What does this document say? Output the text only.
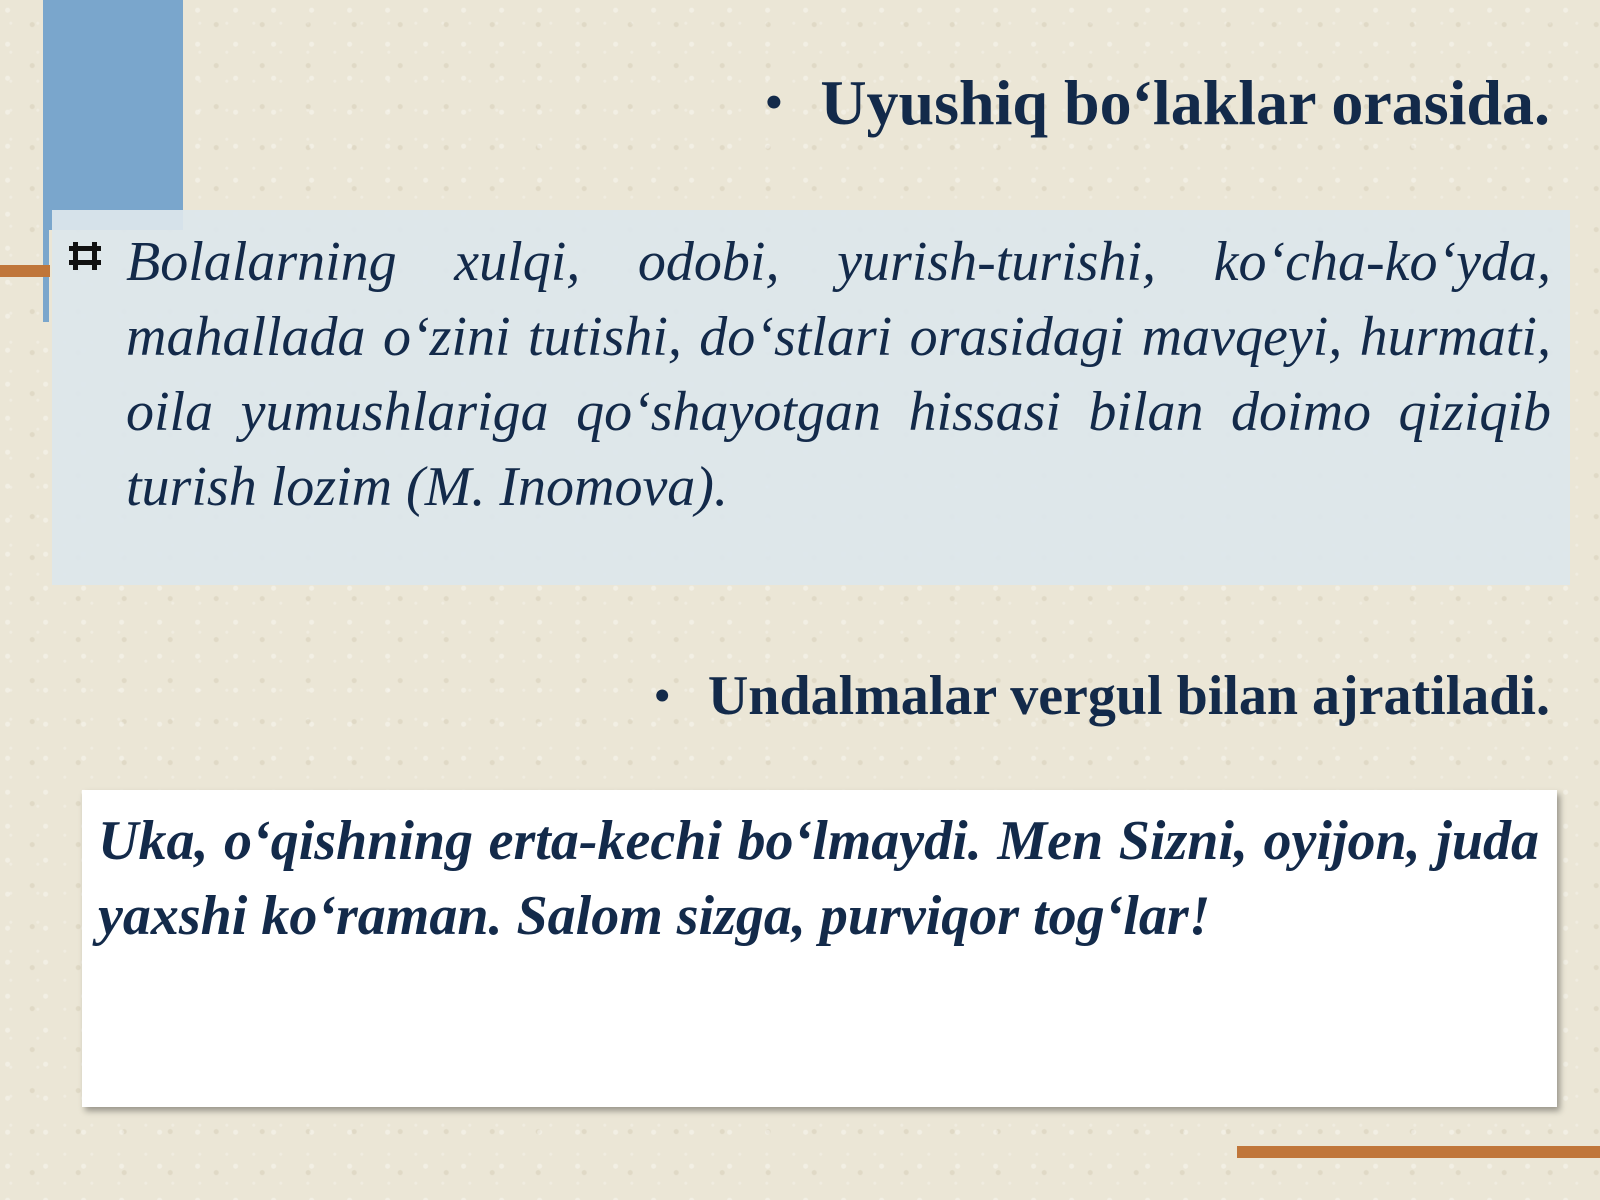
• Uyushiq bo‘laklar orasida.

Bolalarning xulqi, odobi, yurish-turishi, ko‘cha-ko‘yda, mahallada o‘zini tutishi, do‘stlari orasidagi mavqeyi, hurmati, oila yumushlariga qo‘shayotgan hissasi bilan doimo qiziqib turish lozim (M. Inomova).

• Undalmalar vergul bilan ajratiladi.

Uka, o‘qishning erta-kechi bo‘lmaydi. Men Sizni, oyijon, juda yaxshi ko‘raman. Salom sizga, purviqor tog‘lar!
